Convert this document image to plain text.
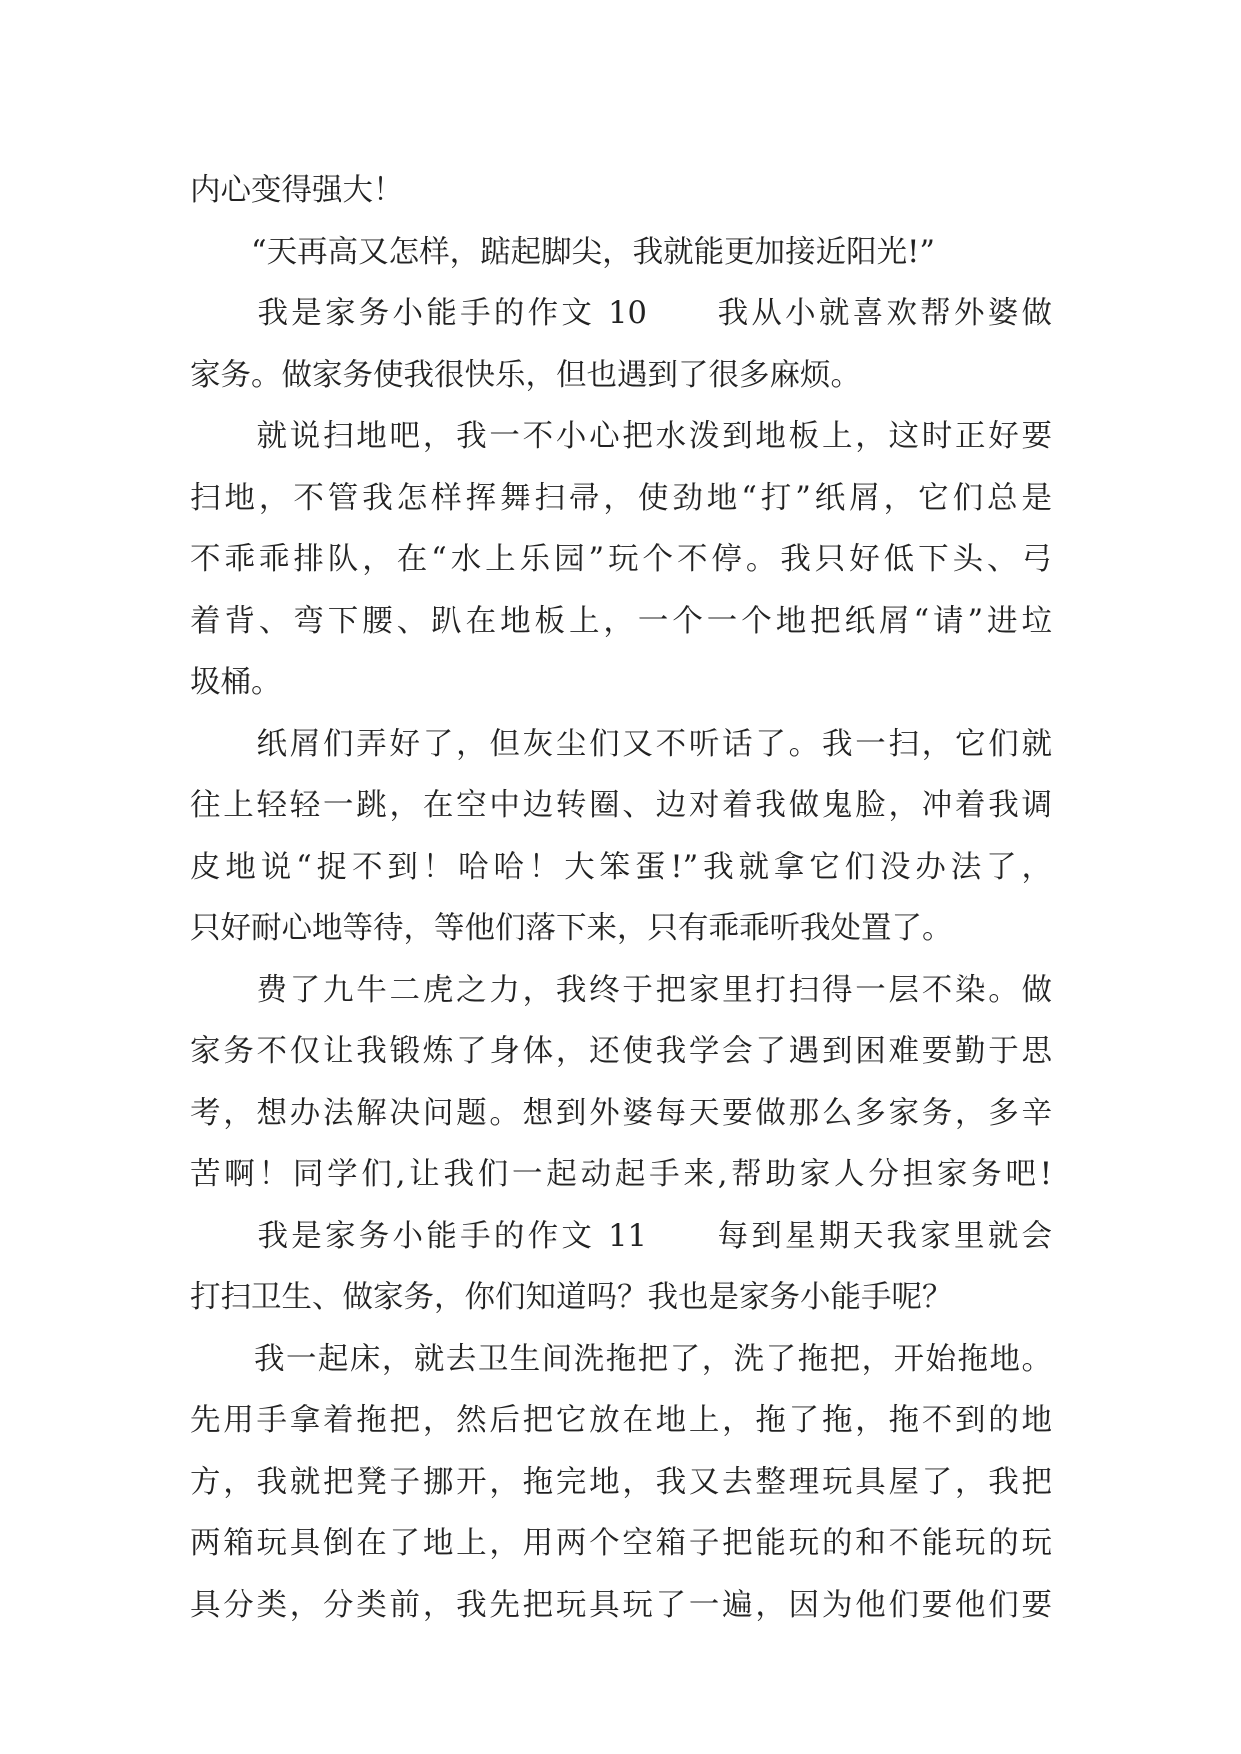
内心变得强大！
　　“天再高又怎样，踮起脚尖，我就能更加接近阳光!”
　　我是家务小能手的作文 10　　我从小就喜欢帮外婆做
家务。做家务使我很快乐，但也遇到了很多麻烦。
　　就说扫地吧，我一不小心把水泼到地板上，这时正好要
扫地，不管我怎样挥舞扫帚，使劲地“打”纸屑，它们总是
不乖乖排队，在“水上乐园”玩个不停。我只好低下头、弓
着背、弯下腰、趴在地板上，一个一个地把纸屑“请”进垃
圾桶。
　　纸屑们弄好了，但灰尘们又不听话了。我一扫，它们就
往上轻轻一跳，在空中边转圈、边对着我做鬼脸，冲着我调
皮地说“捉不到！哈哈！大笨蛋!”我就拿它们没办法了，
只好耐心地等待，等他们落下来，只有乖乖听我处置了。
　　费了九牛二虎之力，我终于把家里打扫得一层不染。做
家务不仅让我锻炼了身体，还使我学会了遇到困难要勤于思
考，想办法解决问题。想到外婆每天要做那么多家务，多辛
苦啊！同学们,让我们一起动起手来,帮助家人分担家务吧!
　　我是家务小能手的作文 11　　每到星期天我家里就会
打扫卫生、做家务，你们知道吗？我也是家务小能手呢？
　　我一起床，就去卫生间洗拖把了，洗了拖把，开始拖地。
先用手拿着拖把，然后把它放在地上，拖了拖，拖不到的地
方，我就把凳子挪开，拖完地，我又去整理玩具屋了，我把
两箱玩具倒在了地上，用两个空箱子把能玩的和不能玩的玩
具分类，分类前，我先把玩具玩了一遍，因为他们要他们要
